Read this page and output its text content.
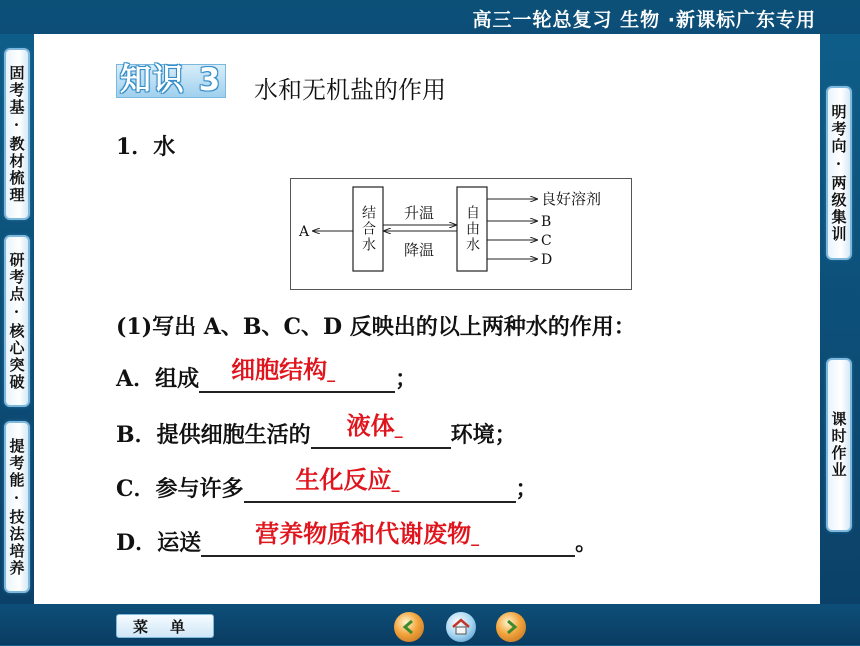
高三一轮总复习 生物 ·新课标广东专用
固考基·教材梳理
研考点·核心突破
提考能·技法培养
明考向·两级集训
课时作业
知识 3 水和无机盐的作用
1．水
结合水	自由水
升温
降温
A
良好溶剂
B
C
D
(1)写出 A、B、C、D 反映出的以上两种水的作用：
A．组成 细胞结构 _	；
B．提供细胞生活的 液体 _	环境；
C．参与许多 生化反应 _	；
D．运送 营养物质和代谢废物 _	。
菜单
